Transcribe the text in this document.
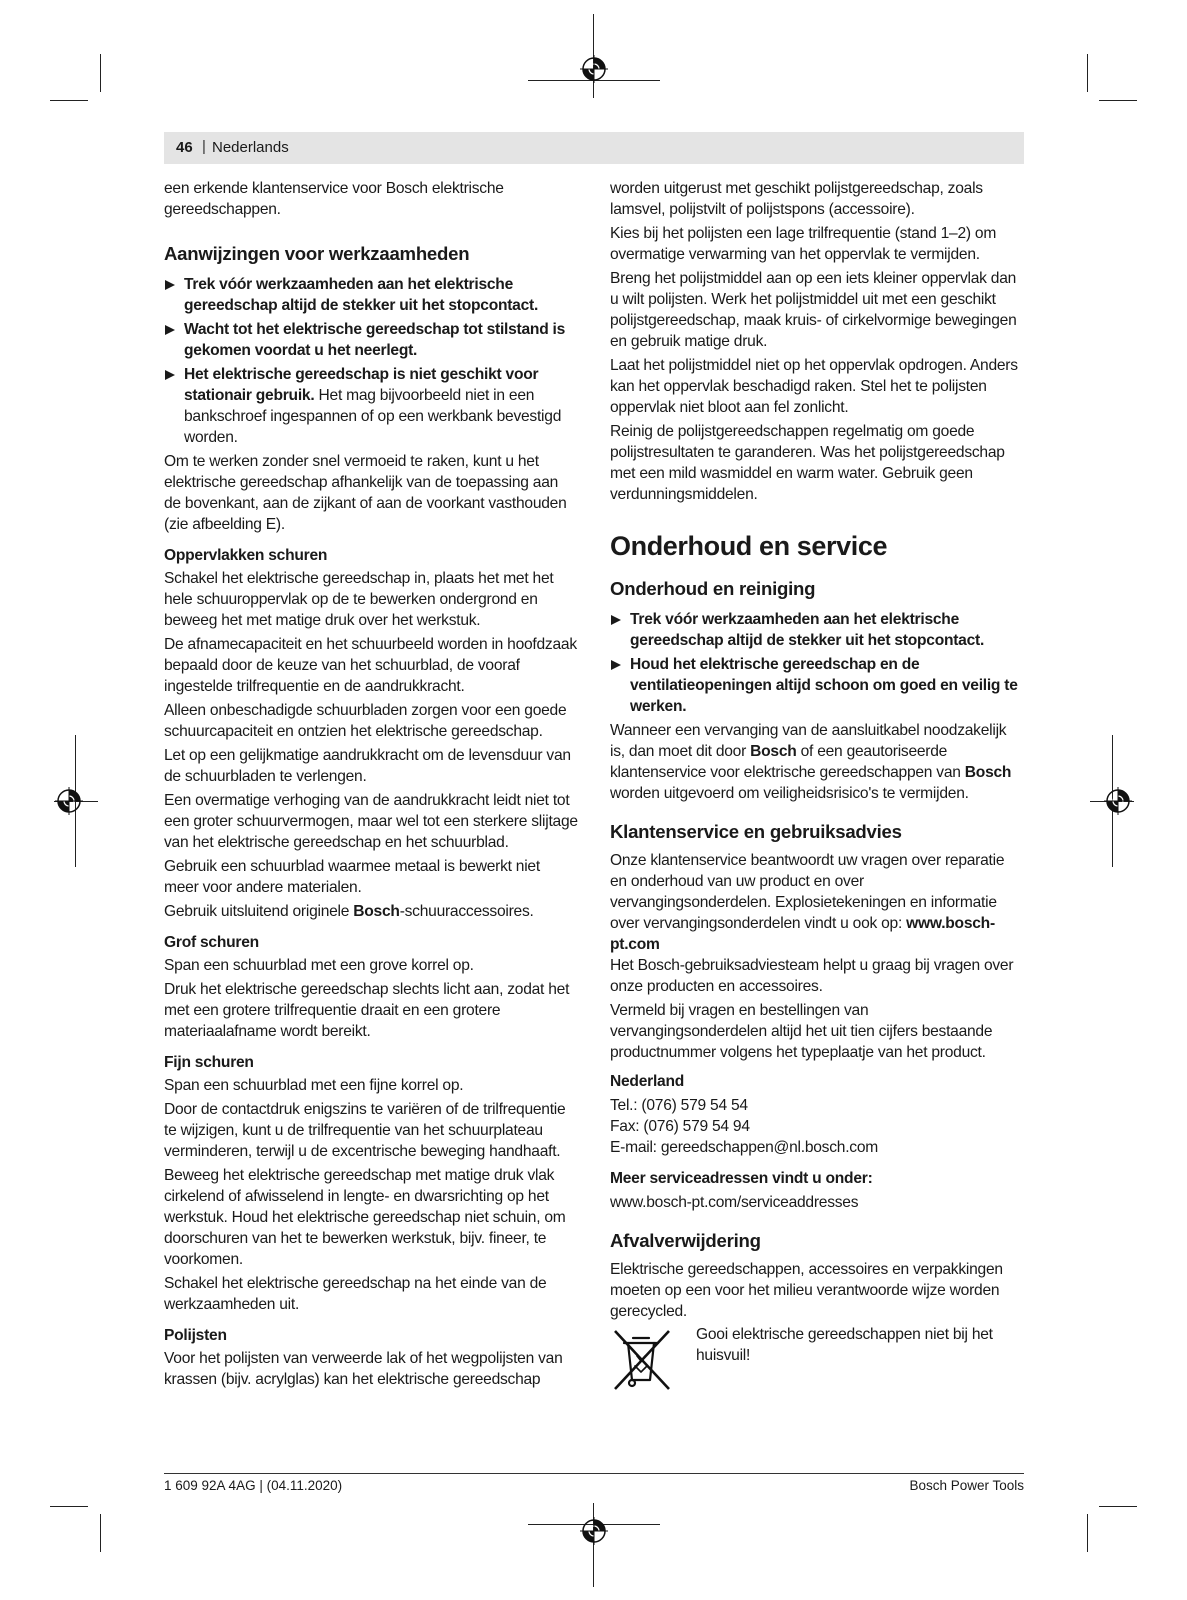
46 | Nederlands

een erkende klantenservice voor Bosch elektrische gereedschappen.

Aanwijzingen voor werkzaamheden

Trek vóór werkzaamheden aan het elektrische gereedschap altijd de stekker uit het stopcontact.
Wacht tot het elektrische gereedschap tot stilstand is gekomen voordat u het neerlegt.
Het elektrische gereedschap is niet geschikt voor stationair gebruik. Het mag bijvoorbeeld niet in een bankschroef ingespannen of op een werkbank bevestigd worden.

Om te werken zonder snel vermoeid te raken, kunt u het elektrische gereedschap afhankelijk van de toepassing aan de bovenkant, aan de zijkant of aan de voorkant vasthouden (zie afbeelding E).

Oppervlakken schuren

Schakel het elektrische gereedschap in, plaats het met het hele schuuroppervlak op de te bewerken ondergrond en beweeg het met matige druk over het werkstuk.

De afnamecapaciteit en het schuurbeeld worden in hoofdzaak bepaald door de keuze van het schuurblad, de vooraf ingestelde trilfrequentie en de aandrukkracht.

Alleen onbeschadigde schuurbladen zorgen voor een goede schuurcapaciteit en ontzien het elektrische gereedschap.

Let op een gelijkmatige aandrukkracht om de levensduur van de schuurbladen te verlengen.

Een overmatige verhoging van de aandrukkracht leidt niet tot een groter schuurvermogen, maar wel tot een sterkere slijtage van het elektrische gereedschap en het schuurblad.

Gebruik een schuurblad waarmee metaal is bewerkt niet meer voor andere materialen.

Gebruik uitsluitend originele Bosch-schuuraccessoires.

Grof schuren

Span een schuurblad met een grove korrel op.

Druk het elektrische gereedschap slechts licht aan, zodat het met een grotere trilfrequentie draait en een grotere materiaalafname wordt bereikt.

Fijn schuren

Span een schuurblad met een fijne korrel op.

Door de contactdruk enigszins te variëren of de trilfrequentie te wijzigen, kunt u de trilfrequentie van het schuurplateau verminderen, terwijl u de excentrische beweging handhaaft.

Beweeg het elektrische gereedschap met matige druk vlak cirkelend of afwisselend in lengte- en dwarsrichting op het werkstuk. Houd het elektrische gereedschap niet schuin, om doorschuren van het te bewerken werkstuk, bijv. fineer, te voorkomen.

Schakel het elektrische gereedschap na het einde van de werkzaamheden uit.

Polijsten

Voor het polijsten van verweerde lak of het wegpolijsten van krassen (bijv. acrylglas) kan het elektrische gereedschap

worden uitgerust met geschikt polijstgereedschap, zoals lamsvel, polijstvilt of polijstspons (accessoire).

Kies bij het polijsten een lage trilfrequentie (stand 1–2) om overmatige verwarming van het oppervlak te vermijden.

Breng het polijstmiddel aan op een iets kleiner oppervlak dan u wilt polijsten. Werk het polijstmiddel uit met een geschikt polijstgereedschap, maak kruis- of cirkelvormige bewegingen en gebruik matige druk.

Laat het polijstmiddel niet op het oppervlak opdrogen. Anders kan het oppervlak beschadigd raken. Stel het te polijsten oppervlak niet bloot aan fel zonlicht.

Reinig de polijstgereedschappen regelmatig om goede polijstresultaten te garanderen. Was het polijstgereedschap met een mild wasmiddel en warm water. Gebruik geen verdunningsmiddelen.

Onderhoud en service

Onderhoud en reiniging

Trek vóór werkzaamheden aan het elektrische gereedschap altijd de stekker uit het stopcontact.
Houd het elektrische gereedschap en de ventilatieopeningen altijd schoon om goed en veilig te werken.

Wanneer een vervanging van de aansluitkabel noodzakelijk is, dan moet dit door Bosch of een geautoriseerde klantenservice voor elektrische gereedschappen van Bosch worden uitgevoerd om veiligheidsrisico's te vermijden.

Klantenservice en gebruiksadvies

Onze klantenservice beantwoordt uw vragen over reparatie en onderhoud van uw product en over vervangingsonderdelen. Explosietekeningen en informatie over vervangingsonderdelen vindt u ook op: www.bosch-pt.com

Het Bosch-gebruiksadviesteam helpt u graag bij vragen over onze producten en accessoires.

Vermeld bij vragen en bestellingen van vervangingsonderdelen altijd het uit tien cijfers bestaande productnummer volgens het typeplaatje van het product.

Nederland

Tel.: (076) 579 54 54

Fax: (076) 579 54 94

E-mail: gereedschappen@nl.bosch.com

Meer serviceadressen vindt u onder:

www.bosch-pt.com/serviceaddresses

Afvalverwijdering

Elektrische gereedschappen, accessoires en verpakkingen moeten op een voor het milieu verantwoorde wijze worden gerecycled.

Gooi elektrische gereedschappen niet bij het huisvuil!

1 609 92A 4AG | (04.11.2020)	Bosch Power Tools
